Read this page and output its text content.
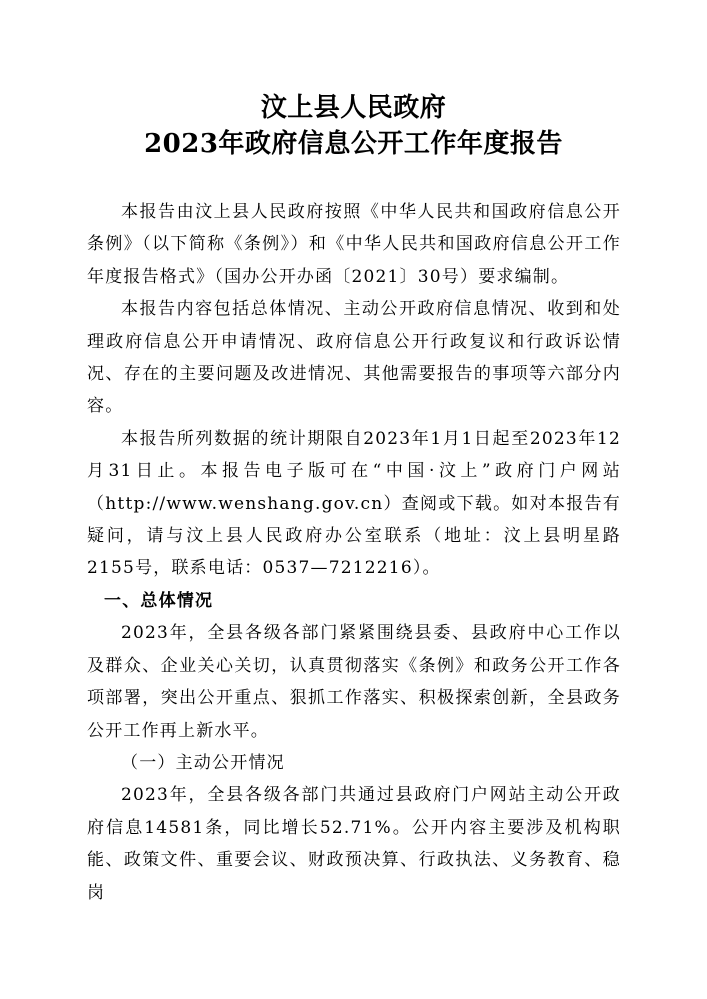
汶上县人民政府
2023年政府信息公开工作年度报告

本报告由汶上县人民政府按照《中华人民共和国政府信息公开条例》（以下简称《条例》）和《中华人民共和国政府信息公开工作年度报告格式》（国办公开办函〔2021〕30号）要求编制。

本报告内容包括总体情况、主动公开政府信息情况、收到和处理政府信息公开申请情况、政府信息公开行政复议和行政诉讼情况、存在的主要问题及改进情况、其他需要报告的事项等六部分内容。

本报告所列数据的统计期限自2023年1月1日起至2023年12月31日止。本报告电子版可在“中国·汶上”政府门户网站（http://www.wenshang.gov.cn）查阅或下载。如对本报告有疑问，请与汶上县人民政府办公室联系（地址：汶上县明星路2155号，联系电话：0537—7212216）。

一、总体情况

2023年，全县各级各部门紧紧围绕县委、县政府中心工作以及群众、企业关心关切，认真贯彻落实《条例》和政务公开工作各项部署，突出公开重点、狠抓工作落实、积极探索创新，全县政务公开工作再上新水平。

（一）主动公开情况

2023年，全县各级各部门共通过县政府门户网站主动公开政府信息14581条，同比增长52.71%。公开内容主要涉及机构职能、政策文件、重要会议、财政预决算、行政执法、义务教育、稳岗
